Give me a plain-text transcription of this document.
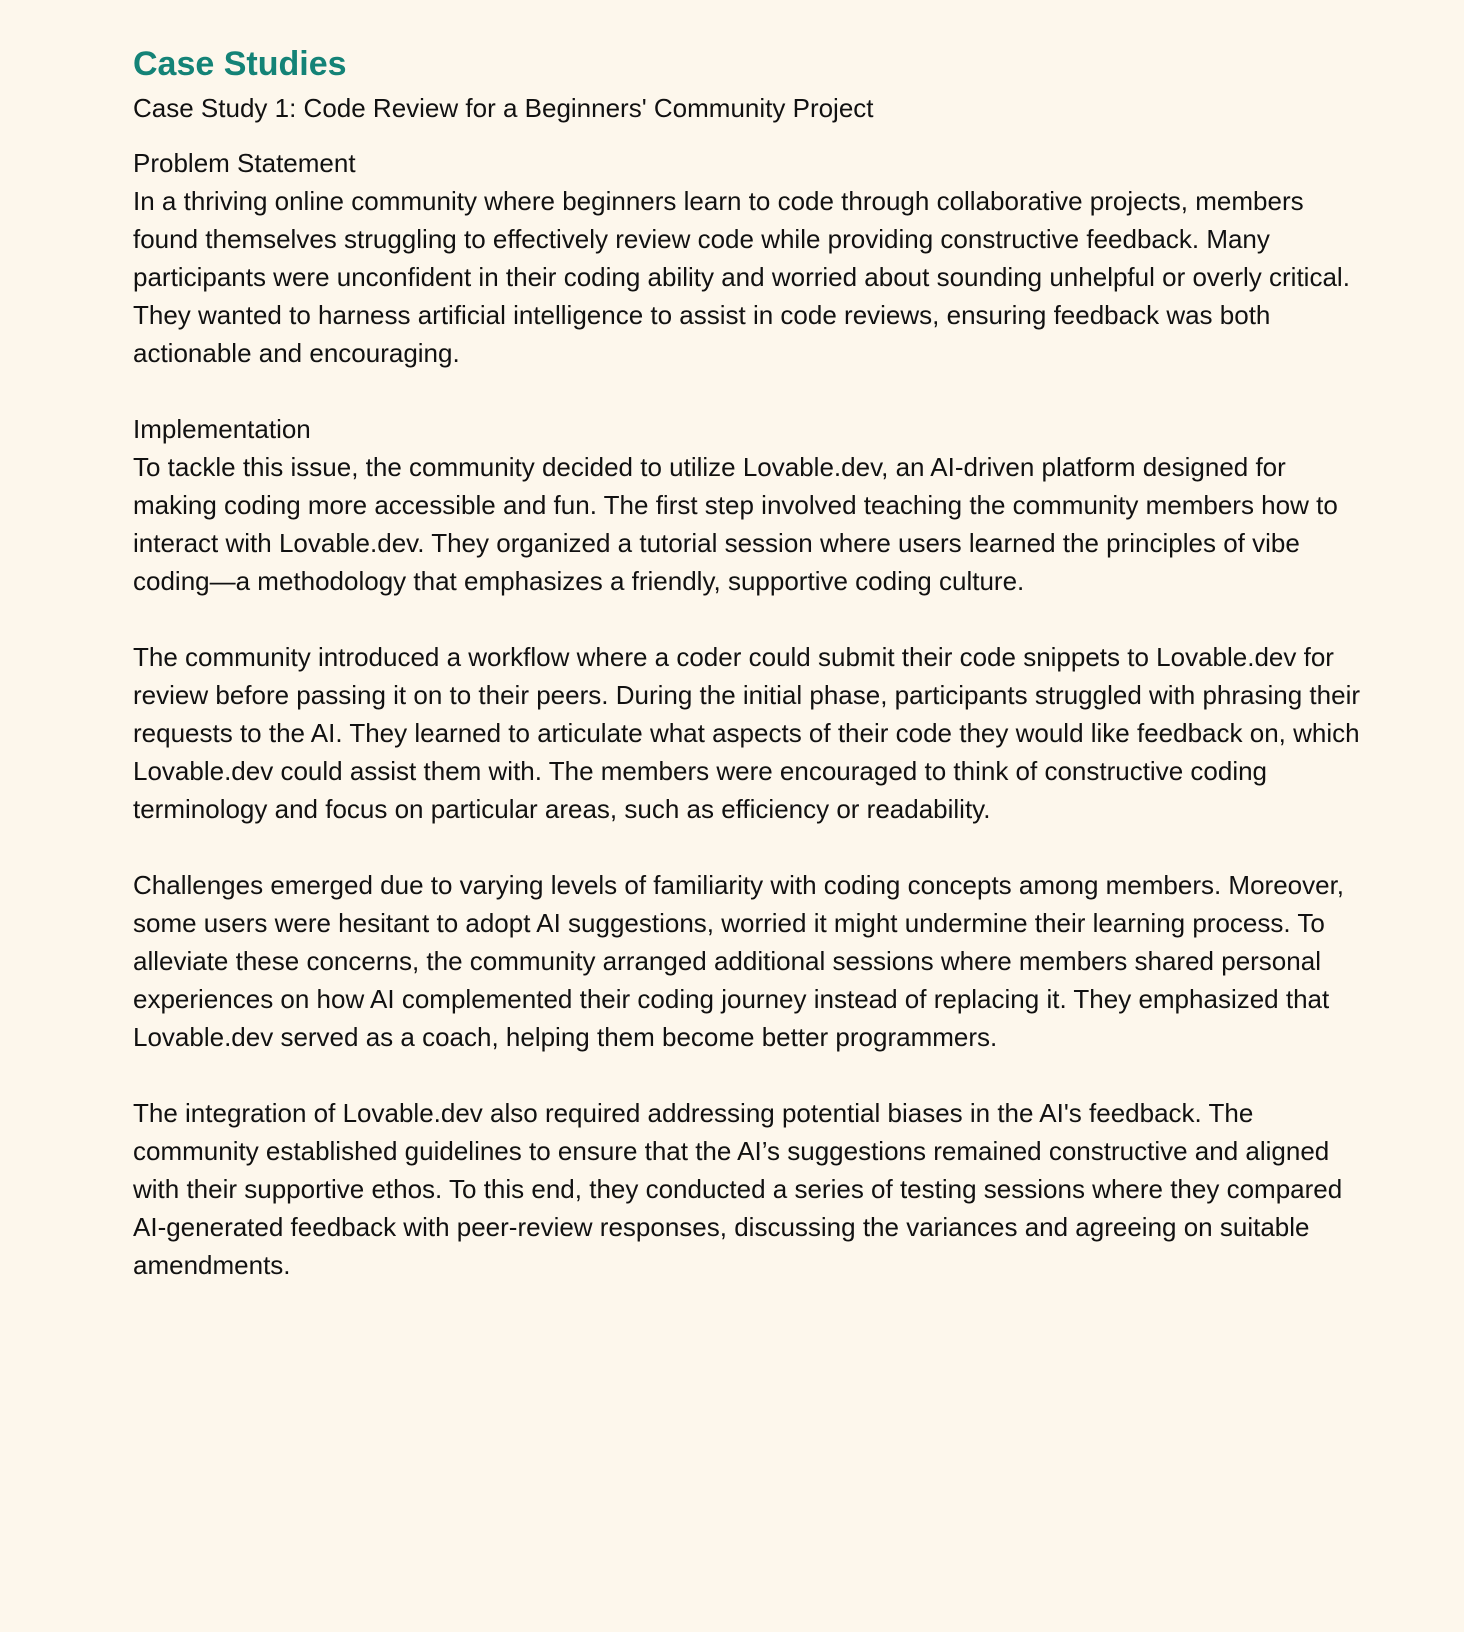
Case Studies
Case Study 1: Code Review for a Beginners' Community Project
Problem Statement

In a thriving online community where beginners learn to code through collaborative projects, members found themselves struggling to effectively review code while providing constructive feedback. Many participants were unconfident in their coding ability and worried about sounding unhelpful or overly critical. They wanted to harness artificial intelligence to assist in code reviews, ensuring feedback was both actionable and encouraging.

Implementation

To tackle this issue, the community decided to utilize Lovable.dev, an AI-driven platform designed for making coding more accessible and fun. The first step involved teaching the community members how to interact with Lovable.dev. They organized a tutorial session where users learned the principles of vibe coding—a methodology that emphasizes a friendly, supportive coding culture.

The community introduced a workflow where a coder could submit their code snippets to Lovable.dev for review before passing it on to their peers. During the initial phase, participants struggled with phrasing their requests to the AI. They learned to articulate what aspects of their code they would like feedback on, which Lovable.dev could assist them with. The members were encouraged to think of constructive coding terminology and focus on particular areas, such as efficiency or readability.

Challenges emerged due to varying levels of familiarity with coding concepts among members. Moreover, some users were hesitant to adopt AI suggestions, worried it might undermine their learning process. To alleviate these concerns, the community arranged additional sessions where members shared personal experiences on how AI complemented their coding journey instead of replacing it. They emphasized that Lovable.dev served as a coach, helping them become better programmers.

The integration of Lovable.dev also required addressing potential biases in the AI's feedback. The community established guidelines to ensure that the AI’s suggestions remained constructive and aligned with their supportive ethos. To this end, they conducted a series of testing sessions where they compared AI-generated feedback with peer-review responses, discussing the variances and agreeing on suitable amendments.
